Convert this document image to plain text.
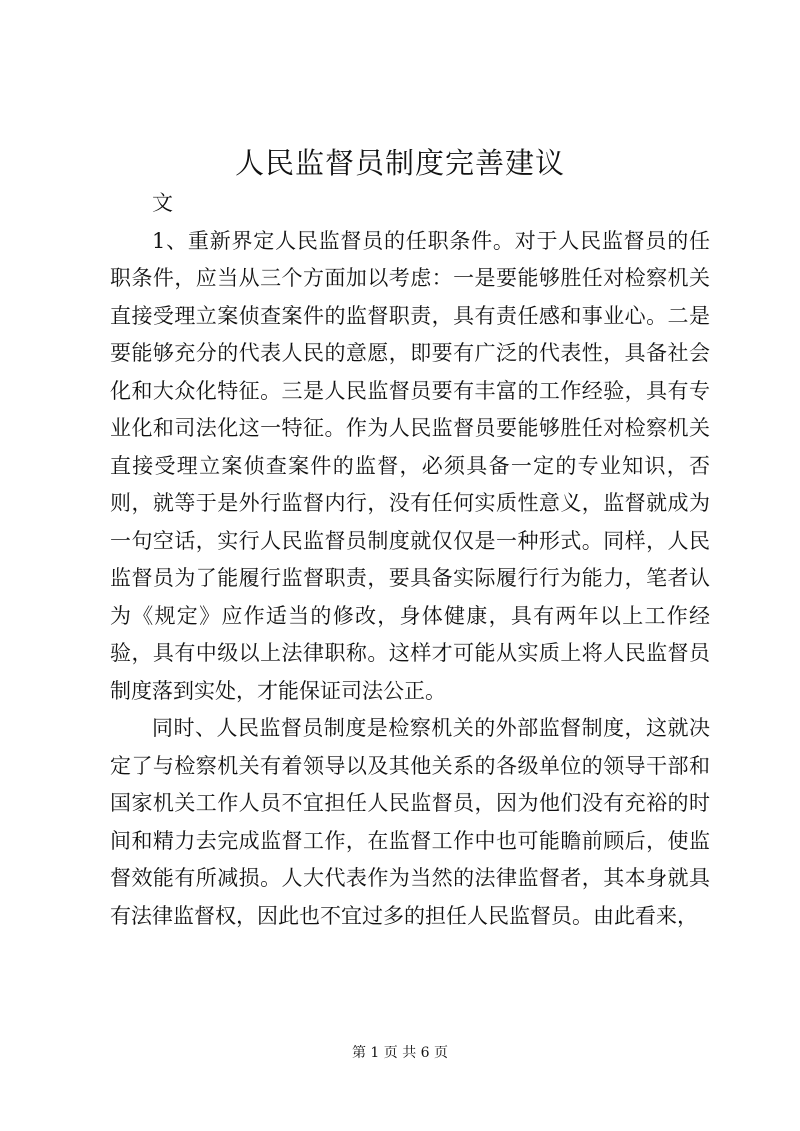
人民监督员制度完善建议

文

1、重新界定人民监督员的任职条件。对于人民监督员的任职条件，应当从三个方面加以考虑：一是要能够胜任对检察机关直接受理立案侦查案件的监督职责，具有责任感和事业心。二是要能够充分的代表人民的意愿，即要有广泛的代表性，具备社会化和大众化特征。三是人民监督员要有丰富的工作经验，具有专业化和司法化这一特征。作为人民监督员要能够胜任对检察机关直接受理立案侦查案件的监督，必须具备一定的专业知识，否则，就等于是外行监督内行，没有任何实质性意义，监督就成为一句空话，实行人民监督员制度就仅仅是一种形式。同样，人民监督员为了能履行监督职责，要具备实际履行行为能力，笔者认为《规定》应作适当的修改，身体健康，具有两年以上工作经验，具有中级以上法律职称。这样才可能从实质上将人民监督员制度落到实处，才能保证司法公正。

同时、人民监督员制度是检察机关的外部监督制度，这就决定了与检察机关有着领导以及其他关系的各级单位的领导干部和国家机关工作人员不宜担任人民监督员，因为他们没有充裕的时间和精力去完成监督工作，在监督工作中也可能瞻前顾后，使监督效能有所减损。人大代表作为当然的法律监督者，其本身就具有法律监督权，因此也不宜过多的担任人民监督员。由此看来，

第 1 页 共 6 页
